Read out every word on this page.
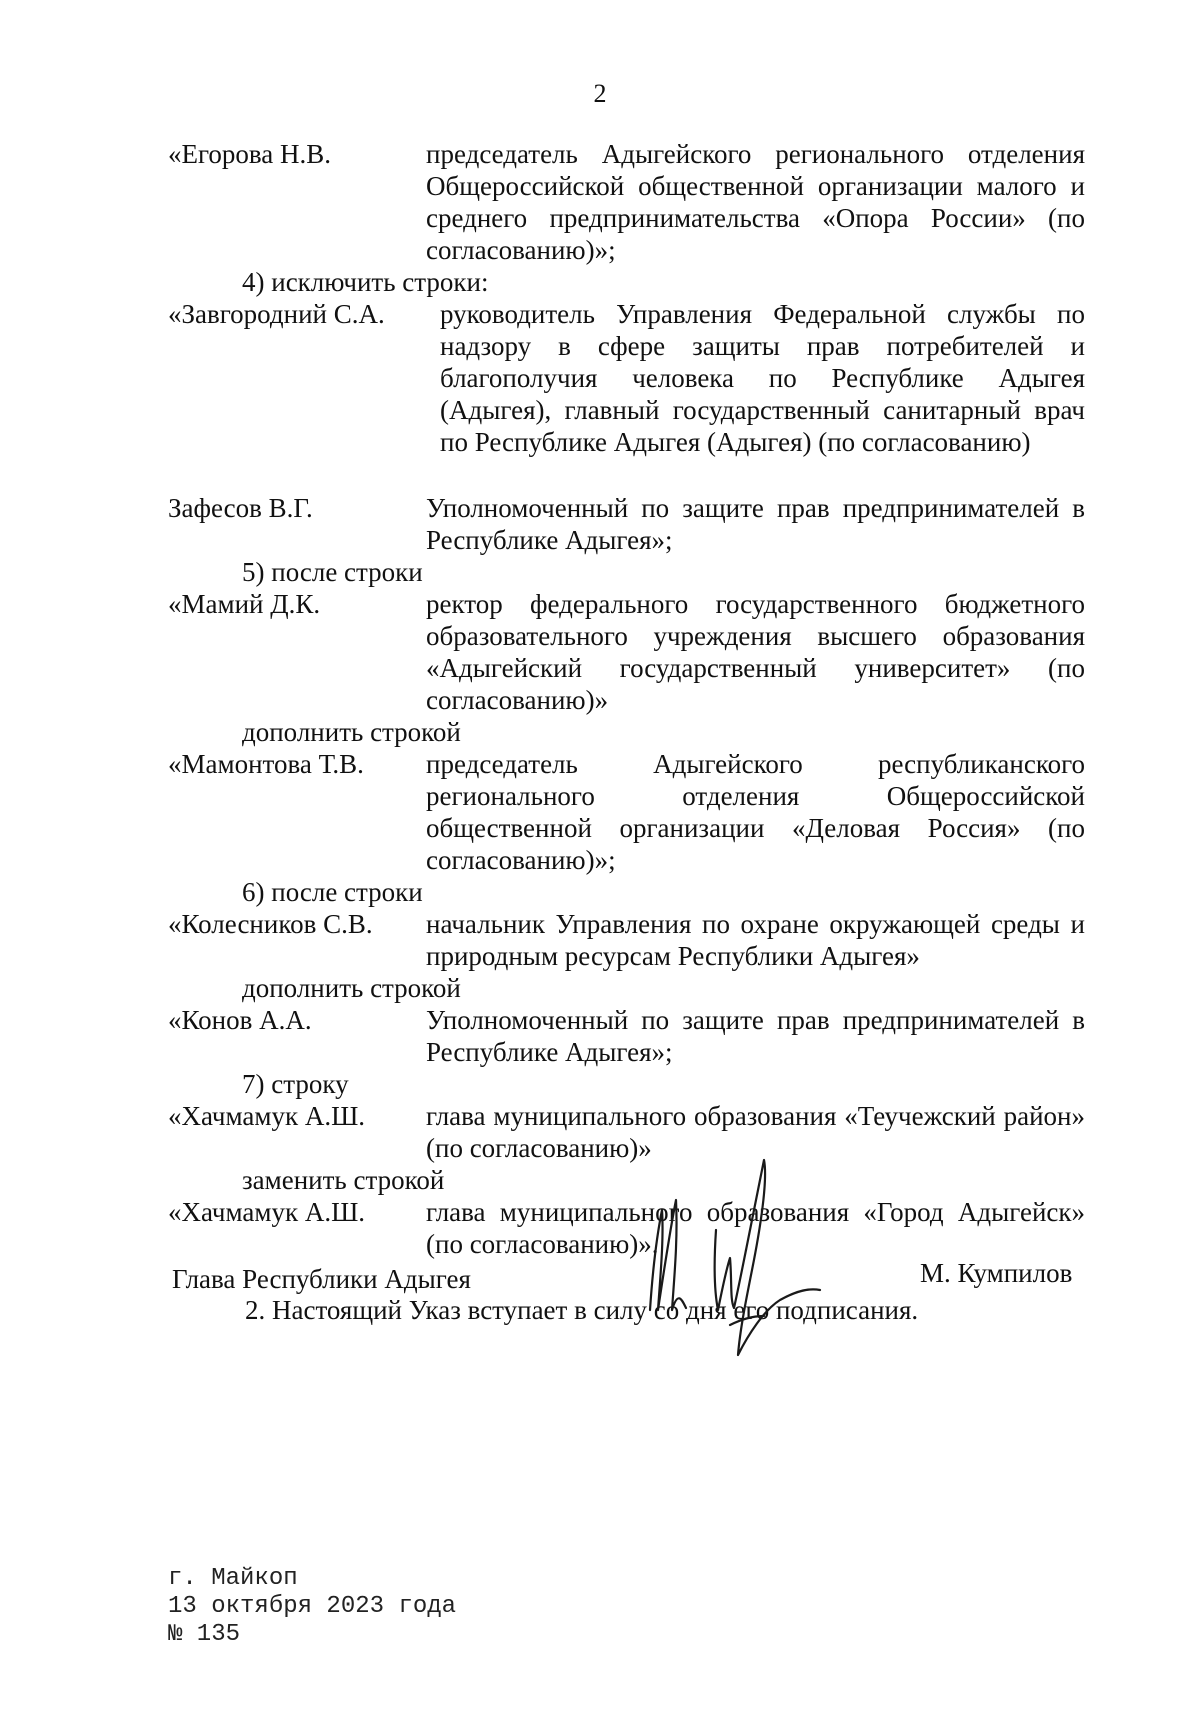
2
«Егорова Н.В.	председатель Адыгейского регионального отделения Общероссийской общественной организации малого и среднего предпринимательства «Опора России» (по согласованию)»;
4) исключить строки:
«Завгородний С.А. руководитель Управления Федеральной службы по надзору в сфере защиты прав потребителей и благополучия человека по Республике Адыгея (Адыгея), главный государственный санитарный врач по Республике Адыгея (Адыгея) (по согласованию)
Зафесов В.Г.	Уполномоченный по защите прав предпринимателей в Республике Адыгея»;
5) после строки
«Мамий Д.К.	ректор федерального государственного бюджетного образовательного учреждения высшего образования «Адыгейский государственный университет» (по согласованию)»
дополнить строкой
«Мамонтова Т.В. председатель Адыгейского республиканского регионального отделения Общероссийской общественной организации «Деловая Россия» (по согласованию)»;
6) после строки
«Колесников С.В. начальник Управления по охране окружающей среды и природным ресурсам Республики Адыгея»
дополнить строкой
«Конов А.А.	Уполномоченный по защите прав предпринимателей в Республике Адыгея»;
7) строку
«Хачмамук А.Ш. глава муниципального образования «Теучежский район» (по согласованию)»
заменить строкой
«Хачмамук А.Ш. глава муниципального образования «Город Адыгейск» (по согласованию)».
2. Настоящий Указ вступает в силу со дня его подписания.
Глава Республики Адыгея	М. Кумпилов
г. Майкоп
13 октября 2023 года
№ 135
